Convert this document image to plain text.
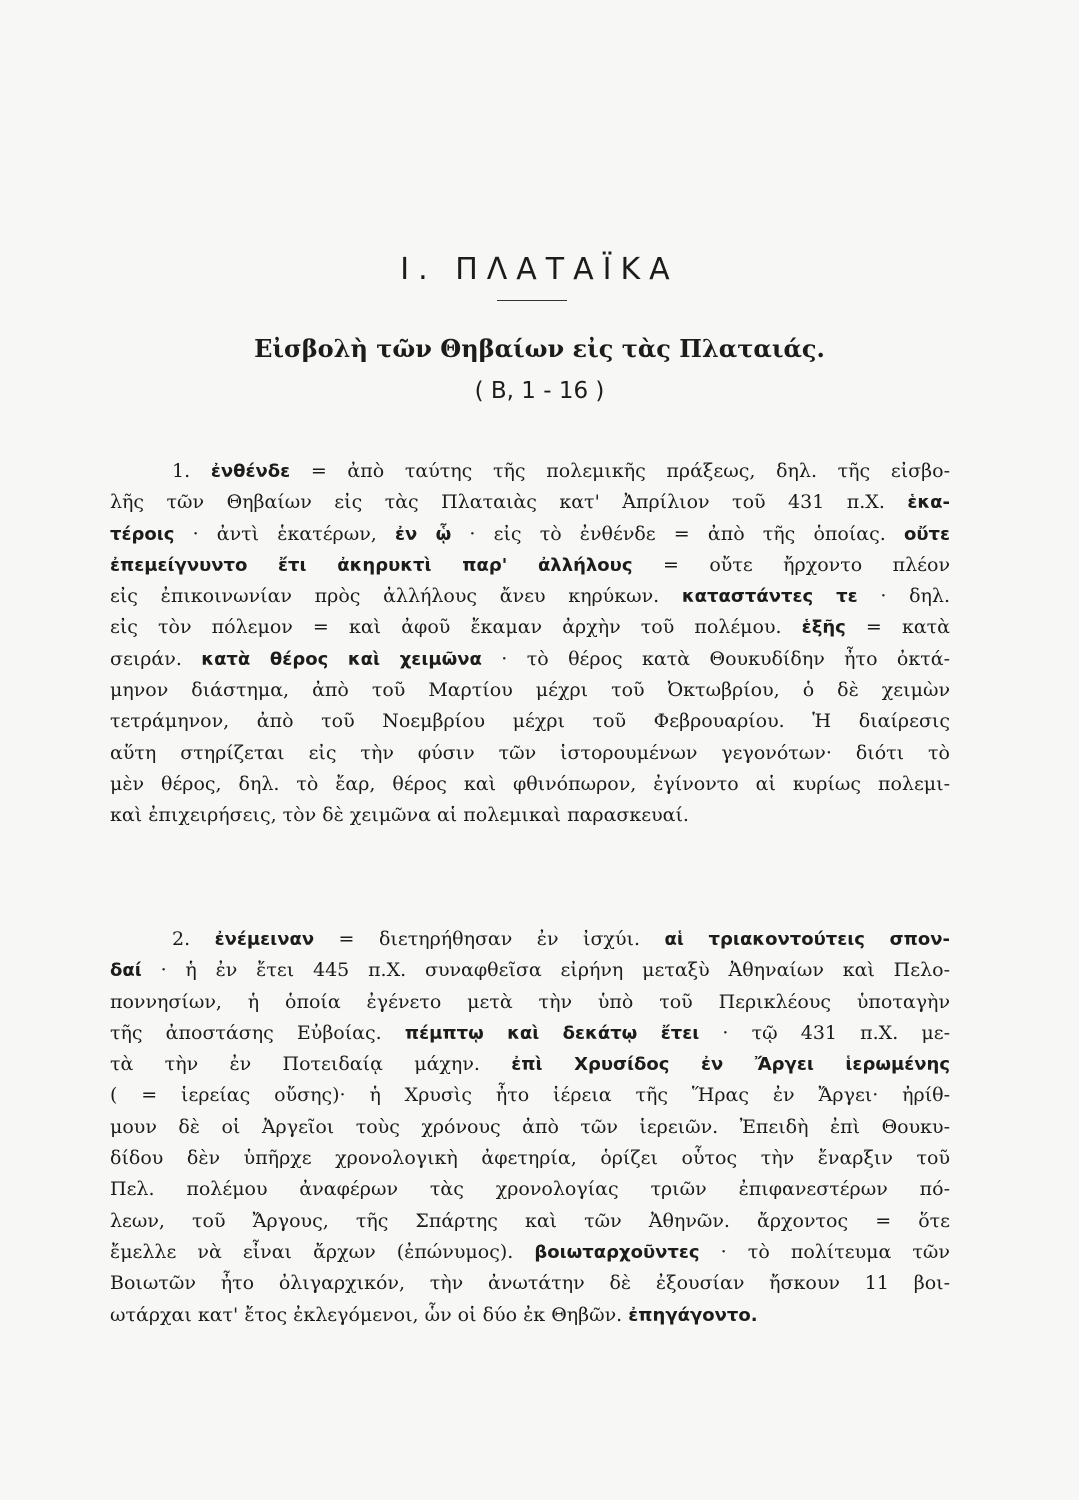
I. ΠΛΑΤΑΪΚΑ
Εἰσβολὴ τῶν Θηβαίων εἰς τὰς Πλαταιάς.
( B, 1 - 16 )
1. ἐνθένδε = ἀπὸ ταύτης τῆς πολεμικῆς πράξεως, δηλ. τῆς εἰσβο-
λῆς τῶν Θηβαίων εἰς τὰς Πλαταιὰς κατ' Ἀπρίλιον τοῦ 431 π.Χ. ἑκα-
τέροις · ἀντὶ ἑκατέρων, ἐν ᾧ · εἰς τὸ ἐνθένδε = ἀπὸ τῆς ὁποίας. οὔτε
ἐπεμείγνυντο ἔτι ἀκηρυκτὶ παρ' ἀλλήλους = οὔτε ἤρχοντο πλέον
εἰς ἐπικοινωνίαν πρὸς ἀλλήλους ἄνευ κηρύκων. καταστάντες τε · δηλ.
εἰς τὸν πόλεμον = καὶ ἀφοῦ ἔκαμαν ἀρχὴν τοῦ πολέμου. ἑξῆς = κατὰ
σειράν. κατὰ θέρος καὶ χειμῶνα · τὸ θέρος κατὰ Θουκυδίδην ἦτο ὀκτά-
μηνον διάστημα, ἀπὸ τοῦ Μαρτίου μέχρι τοῦ Ὀκτωβρίου, ὁ δὲ χειμὼν
τετράμηνον, ἀπὸ τοῦ Νοεμβρίου μέχρι τοῦ Φεβρουαρίου. Ἡ διαίρεσις
αὕτη στηρίζεται εἰς τὴν φύσιν τῶν ἱστορουμένων γεγονότων· διότι τὸ
μὲν θέρος, δηλ. τὸ ἔαρ, θέρος καὶ φθινόπωρον, ἐγίνοντο αἱ κυρίως πολεμι-
καὶ ἐπιχειρήσεις, τὸν δὲ χειμῶνα αἱ πολεμικαὶ παρασκευαί.
2. ἐνέμειναν = διετηρήθησαν ἐν ἰσχύι. αἱ τριακοντούτεις σπον-
δαί · ἡ ἐν ἔτει 445 π.Χ. συναφθεῖσα εἰρήνη μεταξὺ Ἀθηναίων καὶ Πελο-
ποννησίων, ἡ ὁποία ἐγένετο μετὰ τὴν ὑπὸ τοῦ Περικλέους ὑποταγὴν
τῆς ἀποστάσης Εὐβοίας. πέμπτῳ καὶ δεκάτῳ ἔτει · τῷ 431 π.Χ. με-
τὰ τὴν ἐν Ποτειδαίᾳ μάχην. ἐπὶ Χρυσίδος ἐν Ἄργει ἱερωμένης
( = ἱερείας οὔσης)· ἡ Χρυσὶς ἦτο ἱέρεια τῆς Ἥρας ἐν Ἄργει· ἠρίθ-
μουν δὲ οἱ Ἀργεῖοι τοὺς χρόνους ἀπὸ τῶν ἱερειῶν. Ἐπειδὴ ἐπὶ Θουκυ-
δίδου δὲν ὑπῆρχε χρονολογικὴ ἀφετηρία, ὁρίζει οὗτος τὴν ἔναρξιν τοῦ
Πελ. πολέμου ἀναφέρων τὰς χρονολογίας τριῶν ἐπιφανεστέρων πό-
λεων, τοῦ Ἄργους, τῆς Σπάρτης καὶ τῶν Ἀθηνῶν. ἄρχοντος = ὅτε
ἔμελλε νὰ εἶναι ἄρχων (ἐπώνυμος). βοιωταρχοῦντες · τὸ πολίτευμα τῶν
Βοιωτῶν ἦτο ὀλιγαρχικόν, τὴν ἀνωτάτην δὲ ἐξουσίαν ἤσκουν 11 βοι-
ωτάρχαι κατ' ἔτος ἐκλεγόμενοι, ὧν οἱ δύο ἐκ Θηβῶν. ἐπηγάγοντο.
